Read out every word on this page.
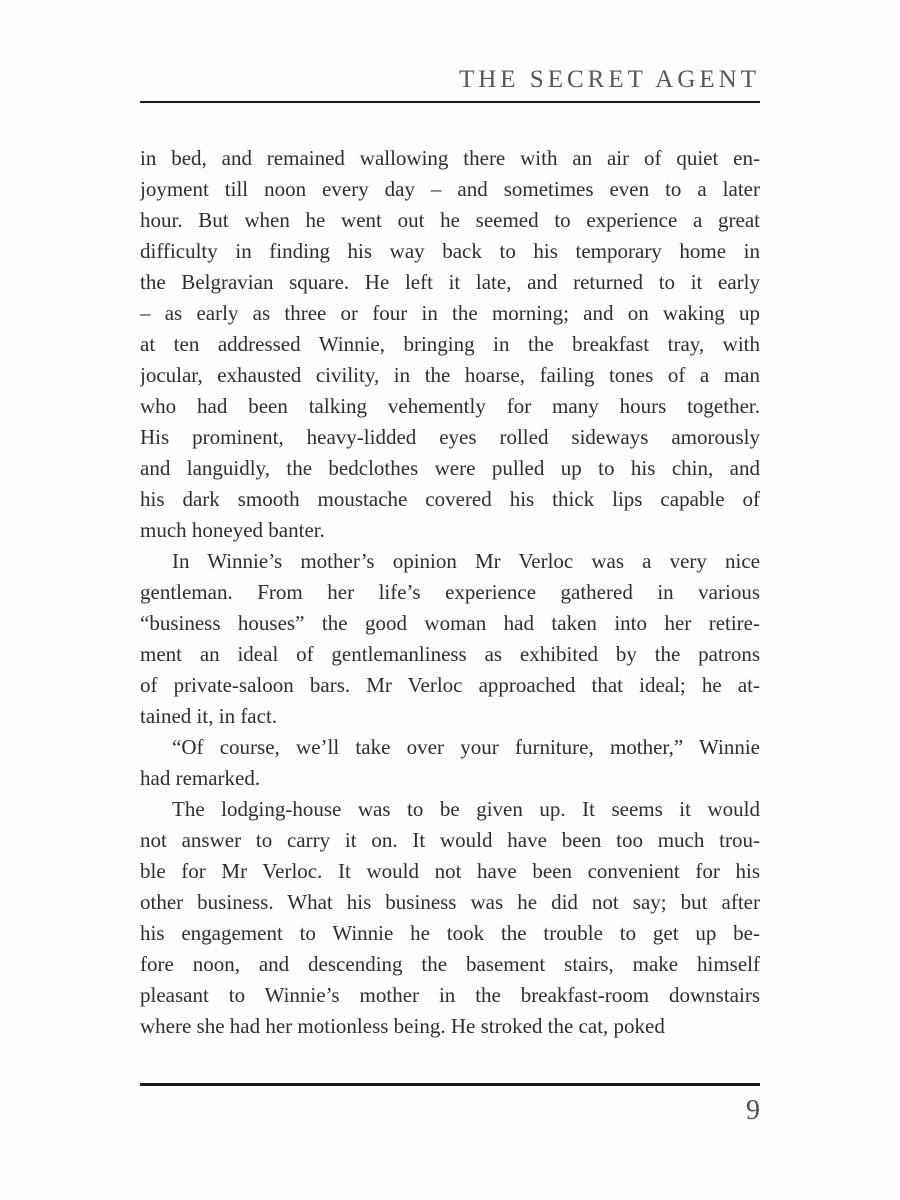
THE SECRET AGENT
in bed, and remained wallowing there with an air of quiet en-
joyment till noon every day – and sometimes even to a later
hour. But when he went out he seemed to experience a great
difficulty in finding his way back to his temporary home in
the Belgravian square. He left it late, and returned to it early
– as early as three or four in the morning; and on waking up
at ten addressed Winnie, bringing in the breakfast tray, with
jocular, exhausted civility, in the hoarse, failing tones of a man
who had been talking vehemently for many hours together.
His prominent, heavy-lidded eyes rolled sideways amorously
and languidly, the bedclothes were pulled up to his chin, and
his dark smooth moustache covered his thick lips capable of
much honeyed banter.
In Winnie’s mother’s opinion Mr Verloc was a very nice
gentleman. From her life’s experience gathered in various
“business houses” the good woman had taken into her retire-
ment an ideal of gentlemanliness as exhibited by the patrons
of private-saloon bars. Mr Verloc approached that ideal; he at-
tained it, in fact.
“Of course, we’ll take over your furniture, mother,” Winnie
had remarked.
The lodging-house was to be given up. It seems it would
not answer to carry it on. It would have been too much trou-
ble for Mr Verloc. It would not have been convenient for his
other business. What his business was he did not say; but after
his engagement to Winnie he took the trouble to get up be-
fore noon, and descending the basement stairs, make himself
pleasant to Winnie’s mother in the breakfast-room downstairs
where she had her motionless being. He stroked the cat, poked
9
